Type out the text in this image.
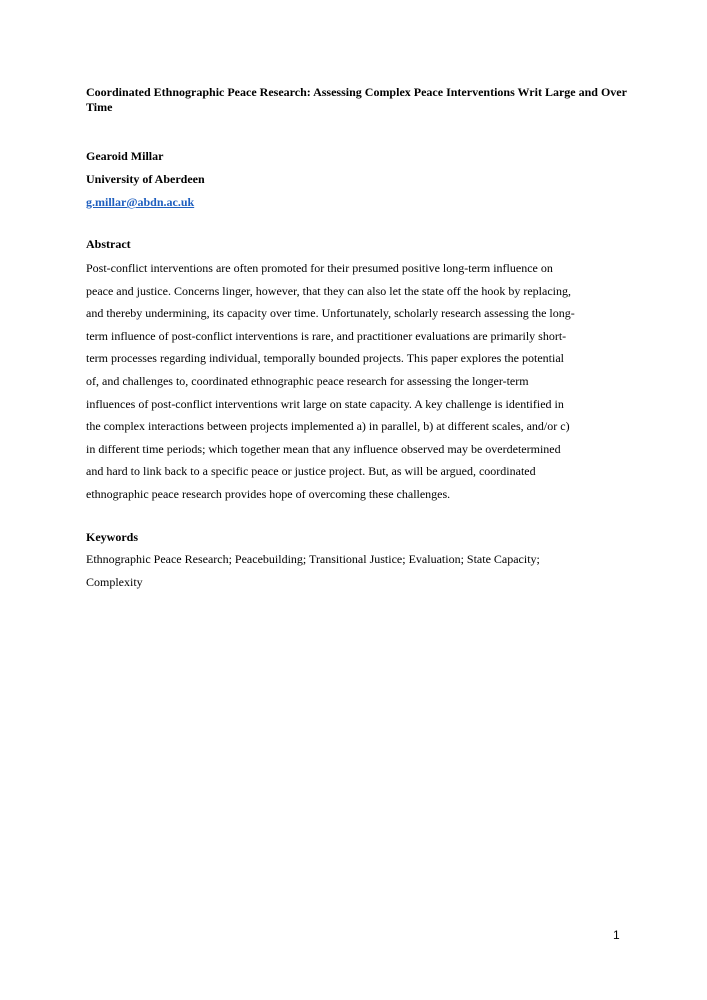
Coordinated Ethnographic Peace Research: Assessing Complex Peace Interventions Writ Large and Over Time
Gearoid Millar
University of Aberdeen
g.millar@abdn.ac.uk
Abstract

Post-conflict interventions are often promoted for their presumed positive long-term influence on
peace and justice. Concerns linger, however, that they can also let the state off the hook by replacing,
and thereby undermining, its capacity over time. Unfortunately, scholarly research assessing the long-
term influence of post-conflict interventions is rare, and practitioner evaluations are primarily short-
term processes regarding individual, temporally bounded projects. This paper explores the potential
of, and challenges to, coordinated ethnographic peace research for assessing the longer-term
influences of post-conflict interventions writ large on state capacity. A key challenge is identified in
the complex interactions between projects implemented a) in parallel, b) at different scales, and/or c)
in different time periods; which together mean that any influence observed may be overdetermined
and hard to link back to a specific peace or justice project. But, as will be argued, coordinated
ethnographic peace research provides hope of overcoming these challenges.

Keywords

Ethnographic Peace Research; Peacebuilding; Transitional Justice; Evaluation; State Capacity;
Complexity

1
